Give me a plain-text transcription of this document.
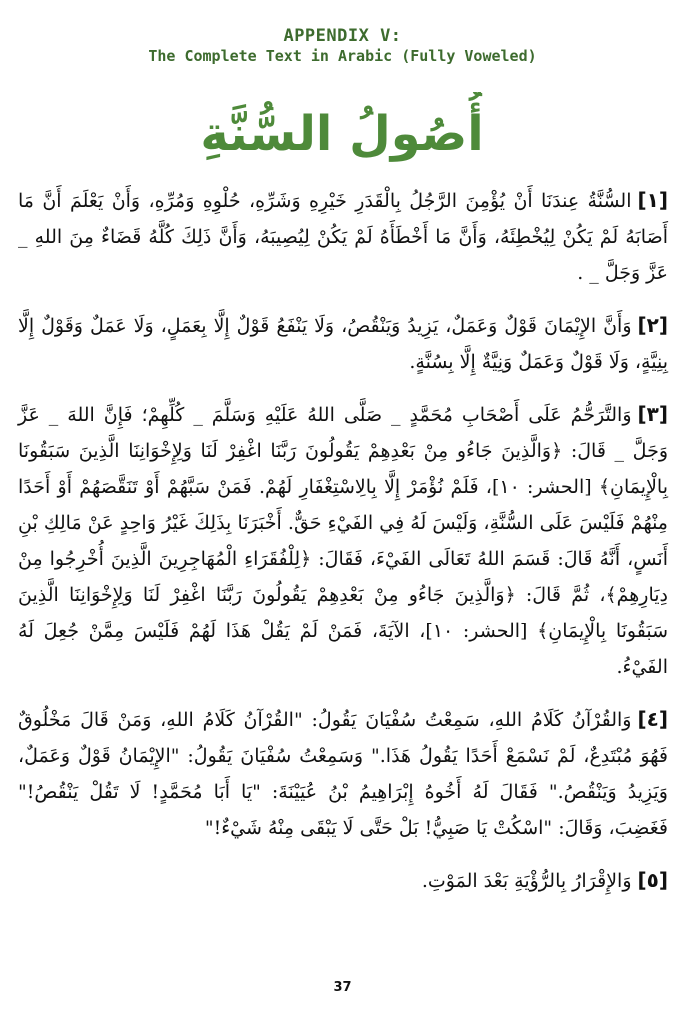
APPENDIX V:
The Complete Text in Arabic (Fully Voweled)
أُصُولُ السُّنَّةِ

[١]السُّنَّةُ عِندَنَا أَنْ يُؤْمِنَ الرَّجُلُ بِالْقَدَرِ خَيْرِهِ وَشَرِّهِ، حُلْوِهِ وَمُرِّهِ، وَأَنْ يَعْلَمَ أَنَّ مَا أَصَابَهُ لَمْ يَكُنْ لِيُخْطِئَهُ، وَأَنَّ مَا أَخْطَأَهُ لَمْ يَكُنْ لِيُصِيبَهُ، وَأَنَّ ذَلِكَ كُلَّهُ قَضَاءٌ مِنَ اللهِ _ عَزَّ وَجَلَّ _ .

[٢]وَأَنَّ الإِيْمَانَ قَوْلٌ وَعَمَلٌ، يَزِيدُ وَيَنْقُصُ، وَلَا يَنْفَعُ قَوْلٌ إِلَّا بِعَمَلٍ، وَلَا عَمَلٌ وَقَوْلٌ إِلَّا بِنِيَّةٍ، وَلَا قَوْلٌ وَعَمَلٌ وَنِيَّةٌ إِلَّا بِسُنَّةٍ.

[٣]وَالتَّرَحُّمُ عَلَى أَصْحَابِ مُحَمَّدٍ _ صَلَّى اللهُ عَلَيْهِ وَسَلَّمَ _ كُلِّهِمْ؛ فَإِنَّ اللهَ _ عَزَّ وَجَلَّ _ قَالَ: ﴿وَالَّذِينَ جَاءُو مِنْ بَعْدِهِمْ يَقُولُونَ رَبَّنَا اغْفِرْ لَنَا وَلِإِخْوَانِنَا الَّذِينَ سَبَقُونَا بِالْإِيمَانِ﴾ [الحشر: ١٠]، فَلَمْ نُؤْمَرْ إِلَّا بِالِاسْتِغْفَارِ لَهُمْ. فَمَنْ سَبَّهُمْ أَوْ تَنَقَّصَهُمْ أَوْ أَحَدًا مِنْهُمْ فَلَيْسَ عَلَى السُّنَّةِ، وَلَيْسَ لَهُ فِي الفَيْءِ حَقٌّ. أَخْبَرَنَا بِذَلِكَ غَيْرُ وَاحِدٍ عَنْ مَالِكِ بْنِ أَنَسٍ، أَنَّهُ قَالَ: قَسَمَ اللهُ تَعَالَى الفَيْءَ، فَقَالَ: ﴿لِلْفُقَرَاءِ الْمُهَاجِرِينَ الَّذِينَ أُخْرِجُوا مِنْ دِيَارِهِمْ﴾، ثُمَّ قَالَ: ﴿وَالَّذِينَ جَاءُو مِنْ بَعْدِهِمْ يَقُولُونَ رَبَّنَا اغْفِرْ لَنَا وَلِإِخْوَانِنَا الَّذِينَ سَبَقُونَا بِالْإِيمَانِ﴾ [الحشر: ١٠]، الآيَةَ، فَمَنْ لَمْ يَقُلْ هَذَا لَهُمْ فَلَيْسَ مِمَّنْ جُعِلَ لَهُ الفَيْءُ.

[٤]وَالقُرْآنُ كَلَامُ اللهِ، سَمِعْتُ سُفْيَانَ يَقُولُ: "القُرْآنُ كَلَامُ اللهِ، وَمَنْ قَالَ مَخْلُوقٌ فَهُوَ مُبْتَدِعٌ، لَمْ نَسْمَعْ أَحَدًا يَقُولُ هَذَا." وَسَمِعْتُ سُفْيَانَ يَقُولُ: "الإِيْمَانُ قَوْلٌ وَعَمَلٌ، وَيَزِيدُ وَيَنْقُصُ." فَقَالَ لَهُ أَخُوهُ إِبْرَاهِيمُ بْنُ عُيَيْنَةَ: "يَا أَبَا مُحَمَّدٍ! لَا تَقُلْ يَنْقُصُ!" فَغَضِبَ، وَقَالَ: "اسْكُتْ يَا صَبِيُّ! بَلْ حَتَّى لَا يَبْقَى مِنْهُ شَيْءٌ!"

[٥]وَالإِقْرَارُ بِالرُّؤْيَةِ بَعْدَ المَوْتِ.

37
